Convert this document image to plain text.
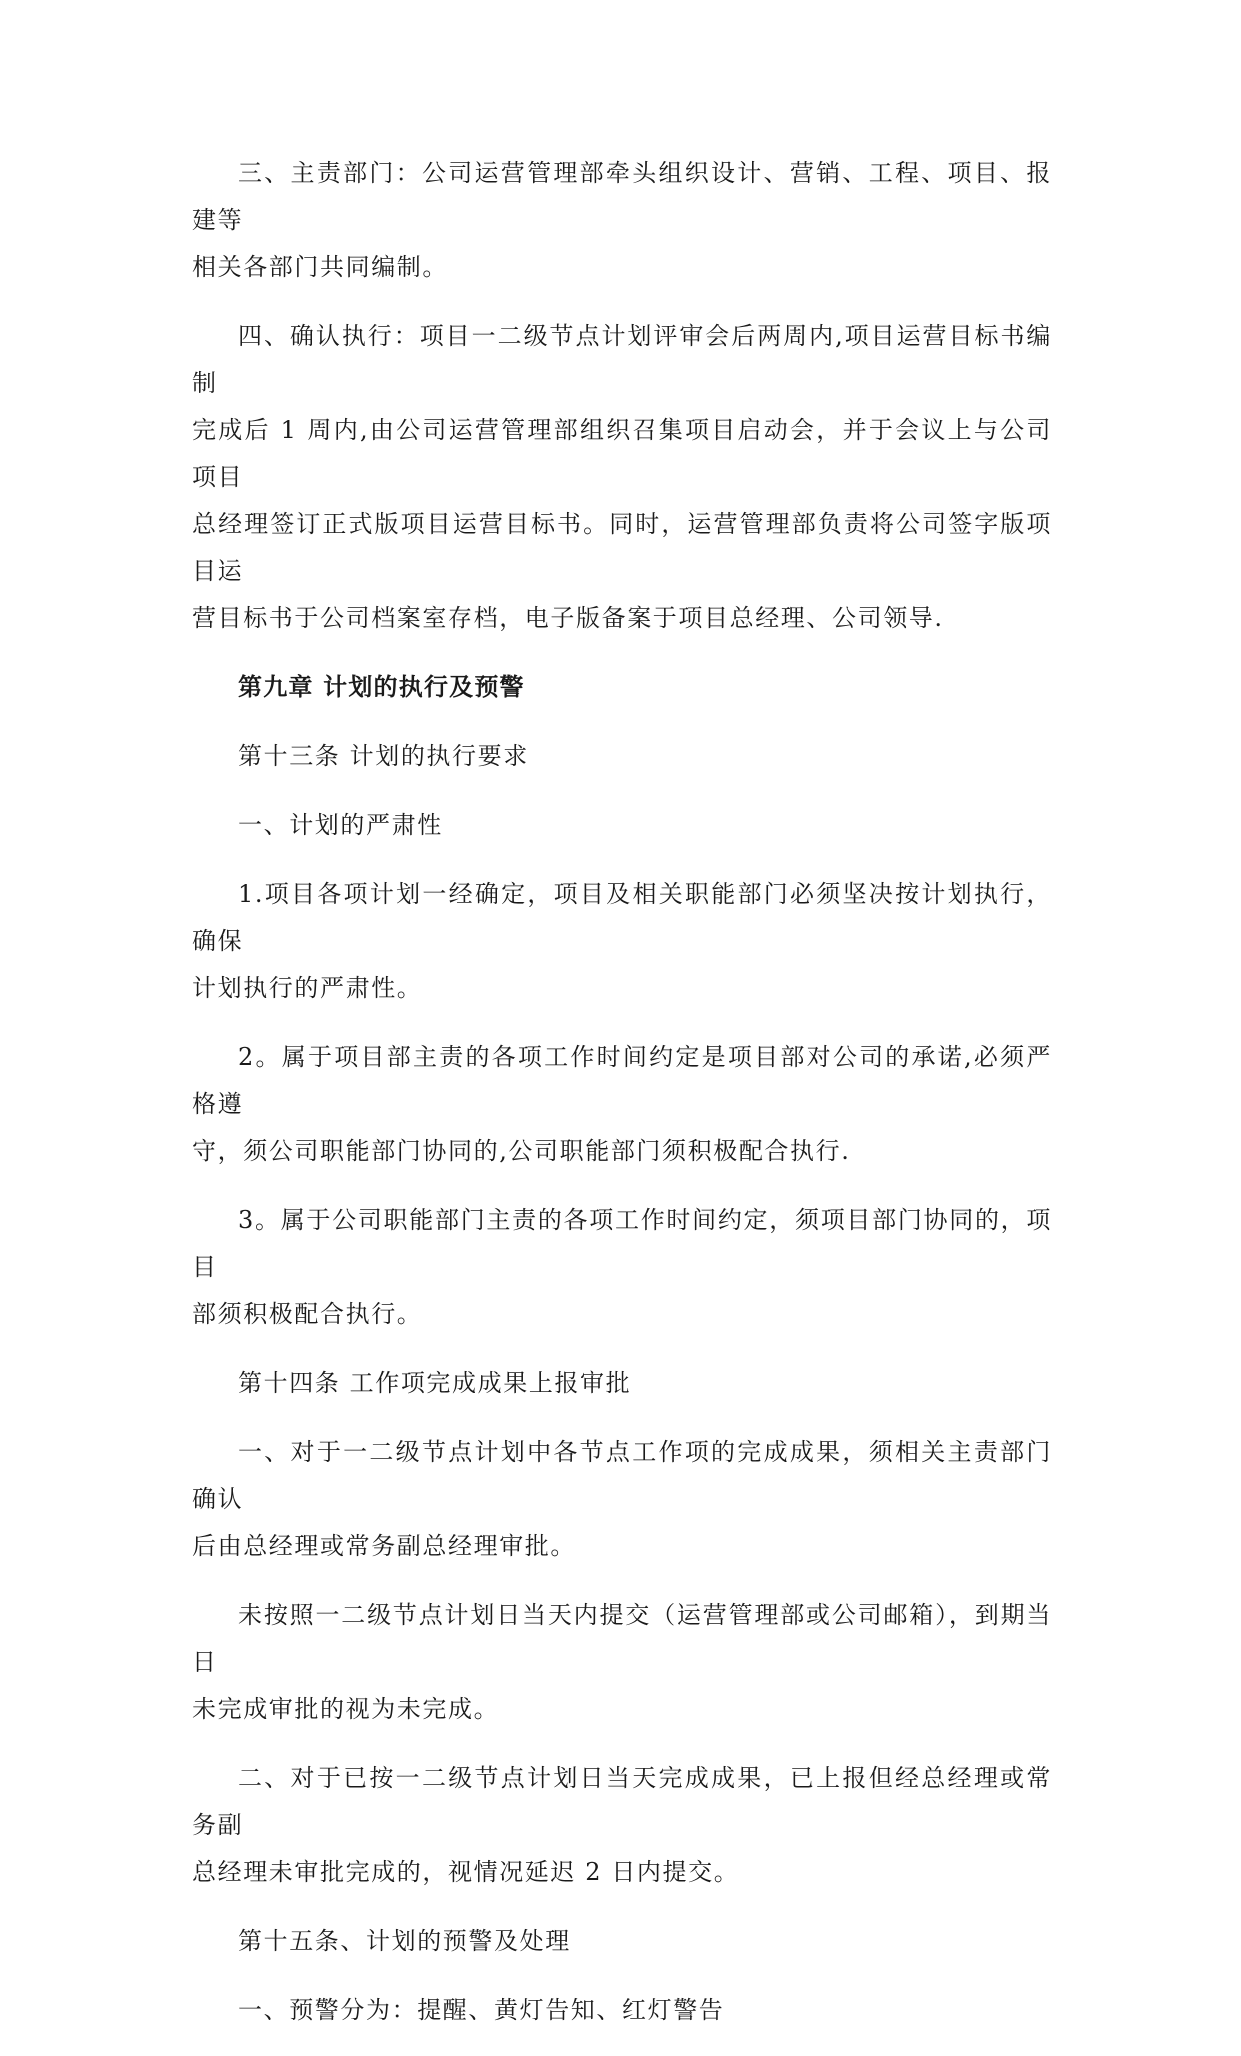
三、主责部门：公司运营管理部牵头组织设计、营销、工程、项目、报建等
相关各部门共同编制。
四、确认执行：项目一二级节点计划评审会后两周内,项目运营目标书编制
完成后 1 周内,由公司运营管理部组织召集项目启动会，并于会议上与公司项目
总经理签订正式版项目运营目标书。同时，运营管理部负责将公司签字版项目运
营目标书于公司档案室存档，电子版备案于项目总经理、公司领导.
第九章 计划的执行及预警
第十三条 计划的执行要求
一、计划的严肃性
1.项目各项计划一经确定，项目及相关职能部门必须坚决按计划执行，确保
计划执行的严肃性。
2。属于项目部主责的各项工作时间约定是项目部对公司的承诺,必须严格遵
守，须公司职能部门协同的,公司职能部门须积极配合执行.
3。属于公司职能部门主责的各项工作时间约定，须项目部门协同的，项目
部须积极配合执行。
第十四条 工作项完成成果上报审批
一、对于一二级节点计划中各节点工作项的完成成果，须相关主责部门确认
后由总经理或常务副总经理审批。
未按照一二级节点计划日当天内提交（运营管理部或公司邮箱），到期当日
未完成审批的视为未完成。
二、对于已按一二级节点计划日当天完成成果，已上报但经总经理或常务副
总经理未审批完成的，视情况延迟 2 日内提交。
第十五条、计划的预警及处理
一、预警分为：提醒、黄灯告知、红灯警告
